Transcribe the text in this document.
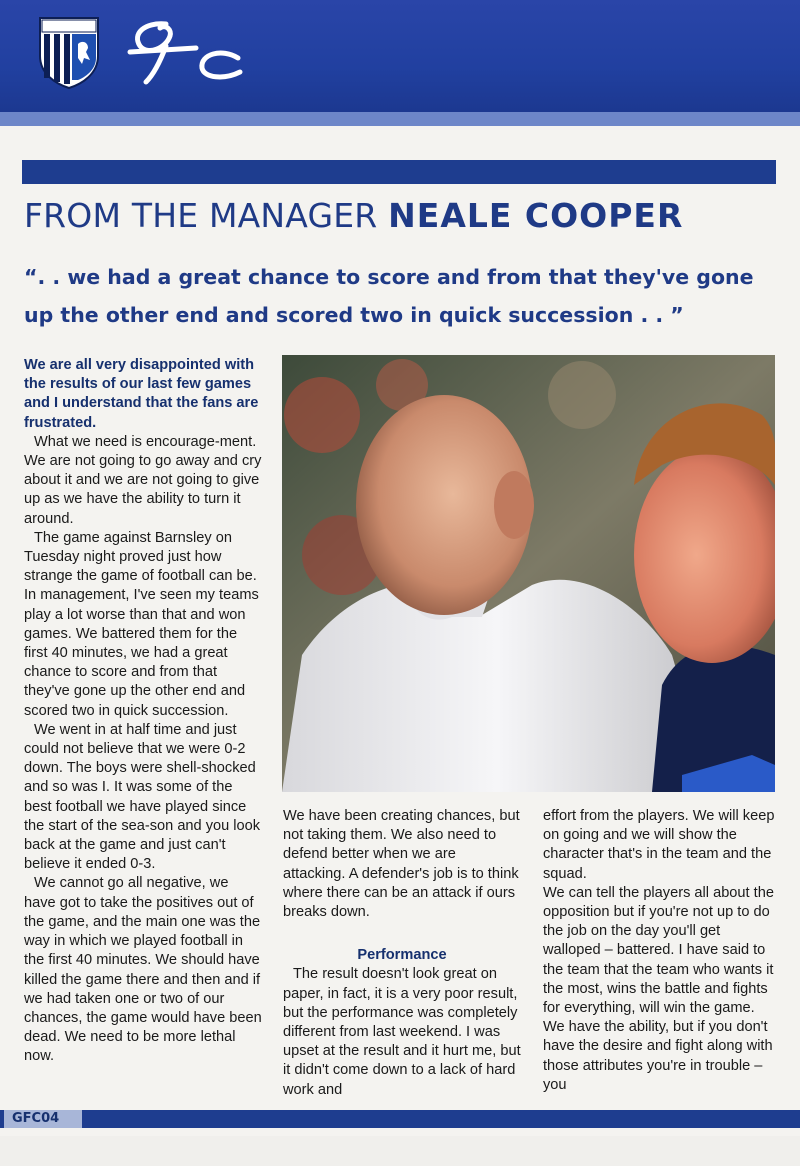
FROM THE MANAGER NEALE COOPER
“. . we had a great chance to score and from that they've gone up the other end and scored two in quick succession . . ”

We are all very disappointed with the results of our last few games and I understand that the fans are frustrated.

What we need is encourage-ment. We are not going to go away and cry about it and we are not going to give up as we have the ability to turn it around.

The game against Barnsley on Tuesday night proved just how strange the game of football can be. In management, I've seen my teams play a lot worse than that and won games. We battered them for the first 40 minutes, we had a great chance to score and from that they've gone up the other end and scored two in quick succession.

We went in at half time and just could not believe that we were 0-2 down. The boys were shell-shocked and so was I. It was some of the best football we have played since the start of the sea-son and you look back at the game and just can't believe it ended 0-3.

We cannot go all negative, we have got to take the positives out of the game, and the main one was the way in which we played football in the first 40 minutes. We should have killed the game there and then and if we had taken one or two of our chances, the game would have been dead. We need to be more lethal now.

We have been creating chances, but not taking them. We also need to defend better when we are attacking. A defender's job is to think where there can be an attack if ours breaks down.

Performance

The result doesn't look great on paper, in fact, it is a very poor result, but the performance was completely different from last weekend. I was upset at the result and it hurt me, but it didn't come down to a lack of hard work and

effort from the players. We will keep on going and we will show the character that's in the team and the squad.

We can tell the players all about the opposition but if you're not up to do the job on the day you'll get walloped – battered. I have said to the team that the team who wants it the most, wins the battle and fights for everything, will win the game. We have the ability, but if you don't have the desire and fight along with those attributes you're in trouble – you

GFC04
